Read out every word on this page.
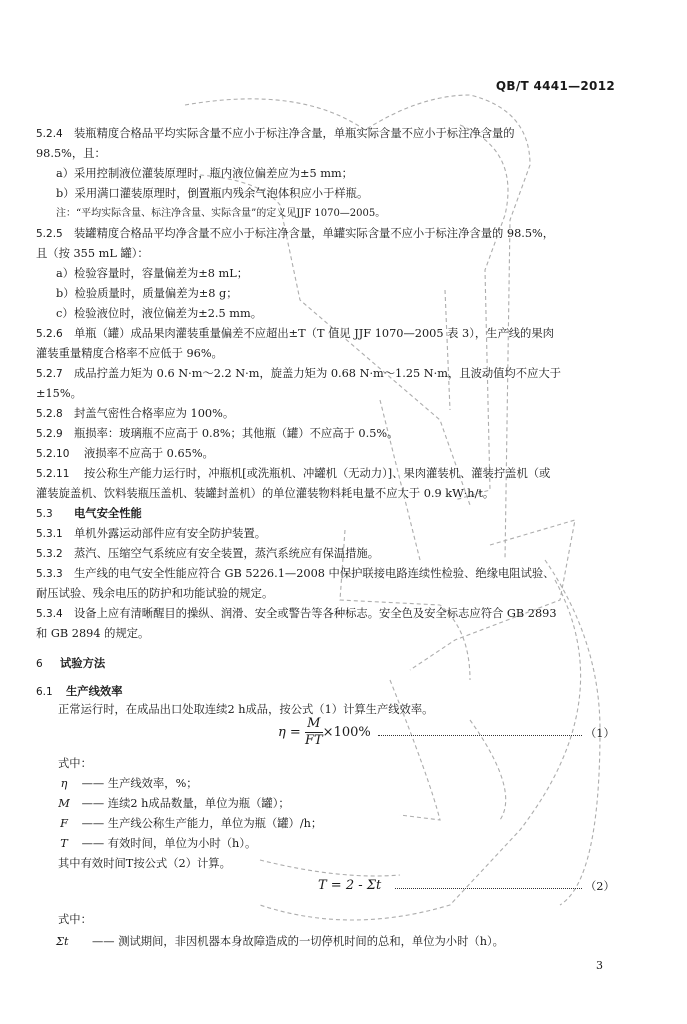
QB/T 4441—2012
5.2.4 装瓶精度合格品平均实际含量不应小于标注净含量，单瓶实际含量不应小于标注净含量的
98.5%，且：
a）采用控制液位灌装原理时，瓶内液位偏差应为±5 mm；
b）采用满口灌装原理时，倒置瓶内残余气泡体积应小于样瓶。
注：“平均实际含量、标注净含量、实际含量”的定义见JJF 1070—2005。
5.2.5 装罐精度合格品平均净含量不应小于标注净含量，单罐实际含量不应小于标注净含量的 98.5%，
且（按 355 mL 罐）：
a）检验容量时，容量偏差为±8 mL；
b）检验质量时，质量偏差为±8 g；
c）检验液位时，液位偏差为±2.5 mm。
5.2.6 单瓶（罐）成品果肉灌装重量偏差不应超出±T（T 值见 JJF 1070—2005 表 3），生产线的果肉
灌装重量精度合格率不应低于 96%。
5.2.7 成品拧盖力矩为 0.6 N·m～2.2 N·m，旋盖力矩为 0.68 N·m～1.25 N·m，且波动值均不应大于
±15%。
5.2.8 封盖气密性合格率应为 100%。
5.2.9 瓶损率：玻璃瓶不应高于 0.8%；其他瓶（罐）不应高于 0.5%。
5.2.10 液损率不应高于 0.65%。
5.2.11 按公称生产能力运行时，冲瓶机[或洗瓶机、冲罐机（无动力）]、果肉灌装机、灌装拧盖机（或
灌装旋盖机、饮料装瓶压盖机、装罐封盖机）的单位灌装物料耗电量不应大于 0.9 kW·h/t。
5.3 电气安全性能
5.3.1 单机外露运动部件应有安全防护装置。
5.3.2 蒸汽、压缩空气系统应有安全装置，蒸汽系统应有保温措施。
5.3.3 生产线的电气安全性能应符合 GB 5226.1—2008 中保护联接电路连续性检验、绝缘电阻试验、
耐压试验、残余电压的防护和功能试验的规定。
5.3.4 设备上应有清晰醒目的操纵、润滑、安全或警告等各种标志。安全色及安全标志应符合 GB 2893
和 GB 2894 的规定。
6 试验方法
6.1 生产线效率
正常运行时，在成品出口处取连续2 h成品，按公式（1）计算生产线效率。
$\eta = \frac{M}{FT} \times 100\%$	（1）
式中：
η —— 生产线效率，%；
M —— 连续2 h成品数量，单位为瓶（罐）；
F —— 生产线公称生产能力，单位为瓶（罐）/h；
T —— 有效时间，单位为小时（h）。
其中有效时间T按公式（2）计算。
T = 2 - Σt	（2）
式中：
Σt —— 测试期间，非因机器本身故障造成的一切停机时间的总和，单位为小时（h）。
3
